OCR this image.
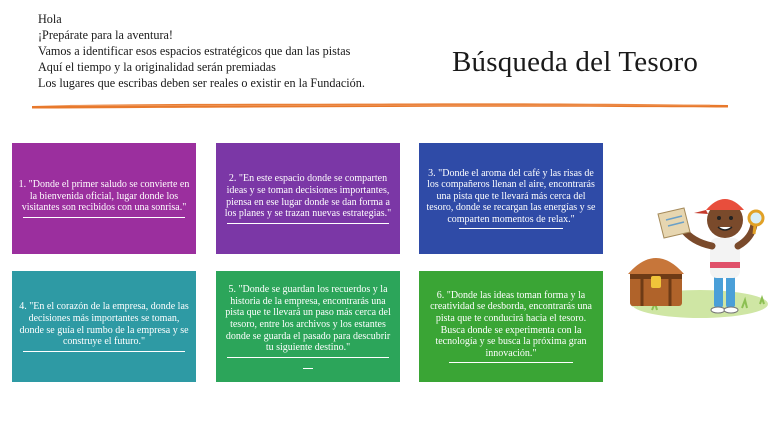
Hola
¡Prepárate para la aventura!
Vamos a identificar esos espacios estratégicos que dan las pistas
Aquí el tiempo y la originalidad serán premiadas
Los lugares que escribas deben ser reales o existir en la Fundación.
Búsqueda del Tesoro
1. "Donde el primer saludo se convierte en la bienvenida oficial, lugar donde los visitantes son recibidos con una sonrisa."
2. "En este espacio donde se comparten ideas y se toman decisiones importantes, piensa en ese lugar donde se dan forma a los planes y se trazan nuevas estrategias."
3. "Donde el aroma del café y las risas de los compañeros llenan el aire, encontrarás una pista que te llevará más cerca del tesoro, donde se recargan las energías y se comparten momentos de relax."
4. "En el corazón de la empresa, donde las decisiones más importantes se toman, donde se guía el rumbo de la empresa y se construye el futuro."
5. "Donde se guardan los recuerdos y la historia de la empresa, encontrarás una pista que te llevará un paso más cerca del tesoro, entre los archivos y los estantes donde se guarda el pasado para descubrir tu siguiente destino."
6. "Donde las ideas toman forma y la creatividad se desborda, encontrarás una pista que te conducirá hacia el tesoro. Busca donde se experimenta con la tecnología y se busca la próxima gran innovación."
